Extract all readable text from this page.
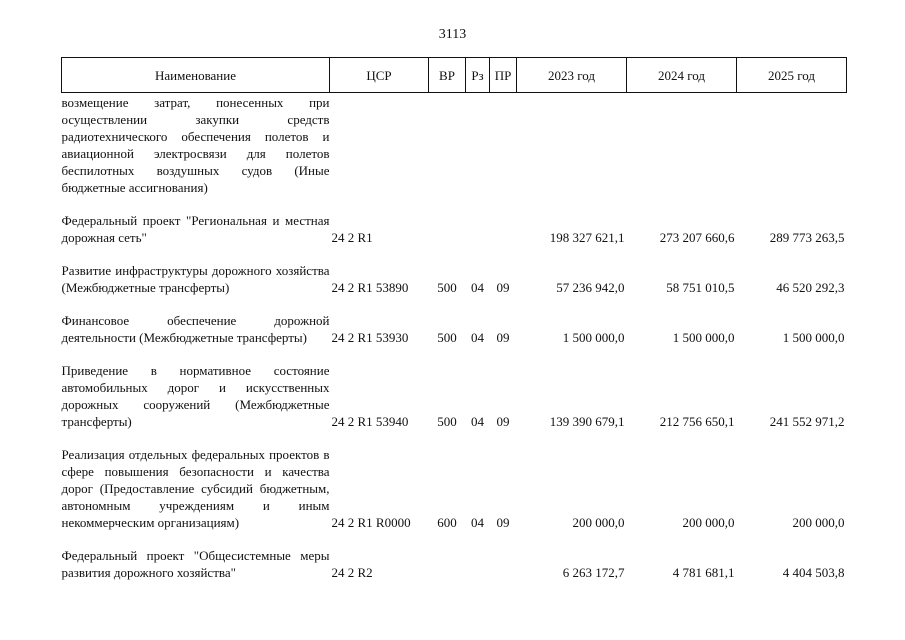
3113
Наименование	ЦСР	ВР	Рз	ПР	2023 год	2024 год	2025 год
возмещение затрат, понесенных при осуществлении закупки средств радиотехнического обеспечения полетов и авиационной электросвязи для полетов беспилотных воздушных судов (Иные бюджетные ассигнования)							
Федеральный проект "Региональная и местная дорожная сеть"	24 2 R1				198 327 621,1	273 207 660,6	289 773 263,5
Развитие инфраструктуры дорожного хозяйства (Межбюджетные трансферты)	24 2 R1 53890	500	04	09	57 236 942,0	58 751 010,5	46 520 292,3
Финансовое обеспечение дорожной деятельности (Межбюджетные трансферты)	24 2 R1 53930	500	04	09	1 500 000,0	1 500 000,0	1 500 000,0
Приведение в нормативное состояние автомобильных дорог и искусственных дорожных сооружений (Межбюджетные трансферты)	24 2 R1 53940	500	04	09	139 390 679,1	212 756 650,1	241 552 971,2
Реализация отдельных федеральных проектов в сфере повышения безопасности и качества дорог (Предоставление субсидий бюджетным, автономным учреждениям и иным некоммерческим организациям)	24 2 R1 R0000	600	04	09	200 000,0	200 000,0	200 000,0
Федеральный проект "Общесистемные меры развития дорожного хозяйства"	24 2 R2				6 263 172,7	4 781 681,1	4 404 503,8
